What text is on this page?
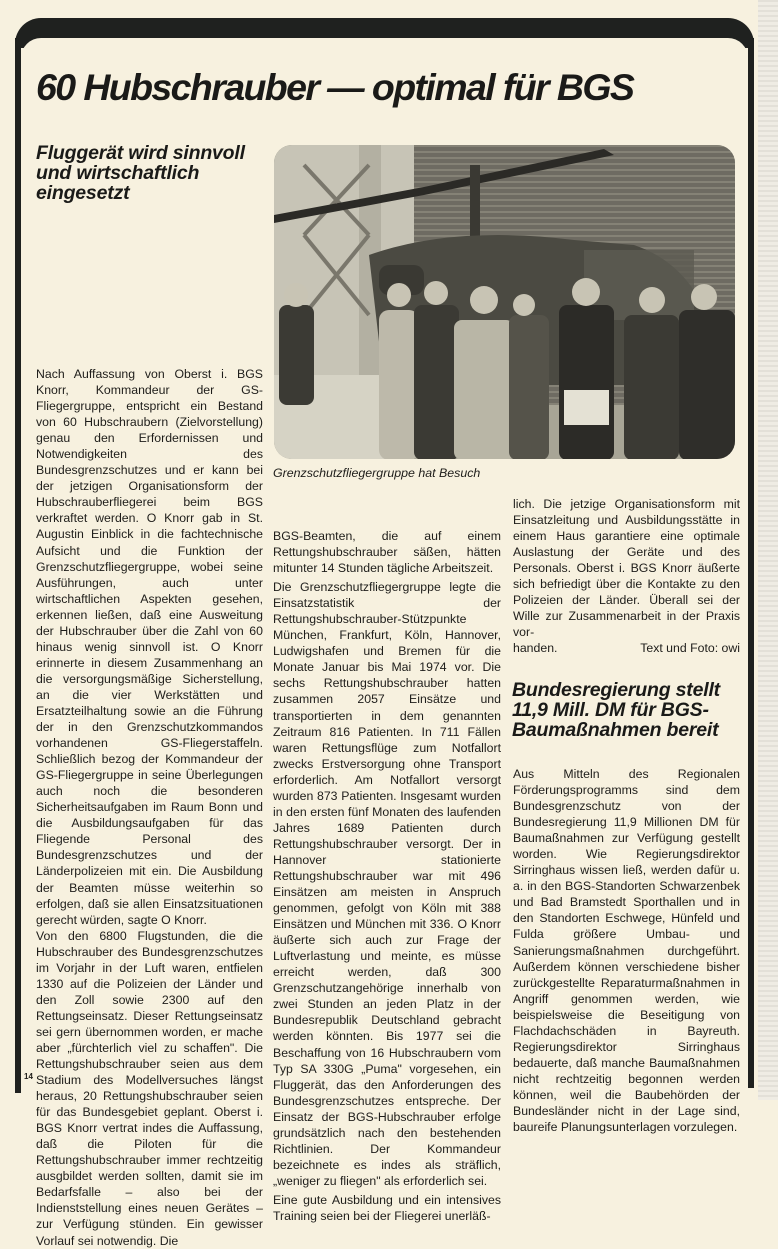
60 Hubschrauber — optimal für BGS
Fluggerät wird sinnvoll und wirtschaftlich eingesetzt

Grenzschutzfliegergruppe hat Besuch

Nach Auffassung von Oberst i. BGS Knorr, Kommandeur der GS-Fliegergruppe, entspricht ein Bestand von 60 Hubschraubern (Zielvorstellung) genau den Erfordernissen und Notwendigkeiten des Bundesgrenzschutzes und er kann bei der jetzigen Organisationsform der Hubschrauberfliegerei beim BGS verkraftet werden. O Knorr gab in St. Augustin Einblick in die fachtechnische Aufsicht und die Funktion der Grenzschutzfliegergruppe, wobei seine Ausführungen, auch unter wirtschaftlichen Aspekten gesehen, erkennen ließen, daß eine Ausweitung der Hubschrauber über die Zahl von 60 hinaus wenig sinnvoll ist. O Knorr erinnerte in diesem Zusammenhang an die versorgungsmäßige Sicherstellung, an die vier Werkstätten und Ersatzteilhaltung sowie an die Führung der in den Grenzschutzkommandos vorhandenen GS-Fliegerstaffeln. Schließlich bezog der Kommandeur der GS-Fliegergruppe in seine Überlegungen auch noch die besonderen Sicherheitsaufgaben im Raum Bonn und die Ausbildungsaufgaben für das Fliegende Personal des Bundesgrenzschutzes und der Länderpolizeien mit ein. Die Ausbildung der Beamten müsse weiterhin so erfolgen, daß sie allen Einsatzsituationen gerecht würden, sagte O Knorr.

Von den 6800 Flugstunden, die die Hubschrauber des Bundesgrenzschutzes im Vorjahr in der Luft waren, entfielen 1330 auf die Polizeien der Länder und den Zoll sowie 2300 auf den Rettungseinsatz. Dieser Rettungseinsatz sei gern übernommen worden, er mache aber „fürchterlich viel zu schaffen". Die Rettungshubschrauber seien aus dem Stadium des Modellversuches längst heraus, 20 Rettungshubschrauber seien für das Bundesgebiet geplant. Oberst i. BGS Knorr vertrat indes die Auffassung, daß die Piloten für die Rettungshubschrauber immer rechtzeitig ausgbildet werden sollten, damit sie im Bedarfsfalle – also bei der Indienststellung eines neuen Gerätes – zur Verfügung stünden. Ein gewisser Vorlauf sei notwendig. Die

BGS-Beamten, die auf einem Rettungshubschrauber säßen, hätten mitunter 14 Stunden tägliche Arbeitszeit.

Die Grenzschutzfliegergruppe legte die Einsatzstatistik der Rettungshubschrauber-Stützpunkte München, Frankfurt, Köln, Hannover, Ludwigshafen und Bremen für die Monate Januar bis Mai 1974 vor. Die sechs Rettungshubschrauber hatten zusammen 2057 Einsätze und transportierten in dem genannten Zeitraum 816 Patienten. In 711 Fällen waren Rettungsflüge zum Notfallort zwecks Erstversorgung ohne Transport erforderlich. Am Notfallort versorgt wurden 873 Patienten. Insgesamt wurden in den ersten fünf Monaten des laufenden Jahres 1689 Patienten durch Rettungshubschrauber versorgt. Der in Hannover stationierte Rettungshubschrauber war mit 496 Einsätzen am meisten in Anspruch genommen, gefolgt von Köln mit 388 Einsätzen und München mit 336. O Knorr äußerte sich auch zur Frage der Luftverlastung und meinte, es müsse erreicht werden, daß 300 Grenzschutzangehörige innerhalb von zwei Stunden an jeden Platz in der Bundesrepublik Deutschland gebracht werden könnten. Bis 1977 sei die Beschaffung von 16 Hubschraubern vom Typ SA 330G „Puma" vorgesehen, ein Fluggerät, das den Anforderungen des Bundesgrenzschutzes entspreche. Der Einsatz der BGS-Hubschrauber erfolge grundsätzlich nach den bestehenden Richtlinien. Der Kommandeur bezeichnete es indes als sträflich, „weniger zu fliegen" als erforderlich sei.

Eine gute Ausbildung und ein intensives Training seien bei der Fliegerei unerläß-

lich. Die jetzige Organisationsform mit Einsatzleitung und Ausbildungsstätte in einem Haus garantiere eine optimale Auslastung der Geräte und des Personals. Oberst i. BGS Knorr äußerte sich befriedigt über die Kontakte zu den Polizeien der Länder. Überall sei der Wille zur Zusammenarbeit in der Praxis vor-

handen.	Text und Foto: owi
Bundesregierung stellt 11,9 Mill. DM für BGS-Baumaßnahmen bereit

Aus Mitteln des Regionalen Förderungsprogramms sind dem Bundesgrenzschutz von der Bundesregierung 11,9 Millionen DM für Baumaßnahmen zur Verfügung gestellt worden. Wie Regierungsdirektor Sirringhaus wissen ließ, werden dafür u. a. in den BGS-Standorten Schwarzenbek und Bad Bramstedt Sporthallen und in den Standorten Eschwege, Hünfeld und Fulda größere Umbau- und Sanierungsmaßnahmen durchgeführt. Außerdem können verschiedene bisher zurückgestellte Reparaturmaßnahmen in Angriff genommen werden, wie beispielsweise die Beseitigung von Flachdachschäden in Bayreuth. Regierungsdirektor Sirringhaus bedauerte, daß manche Baumaßnahmen nicht rechtzeitig begonnen werden können, weil die Baubehörden der Bundesländer nicht in der Lage sind, baureife Planungsunterlagen vorzulegen.

14
